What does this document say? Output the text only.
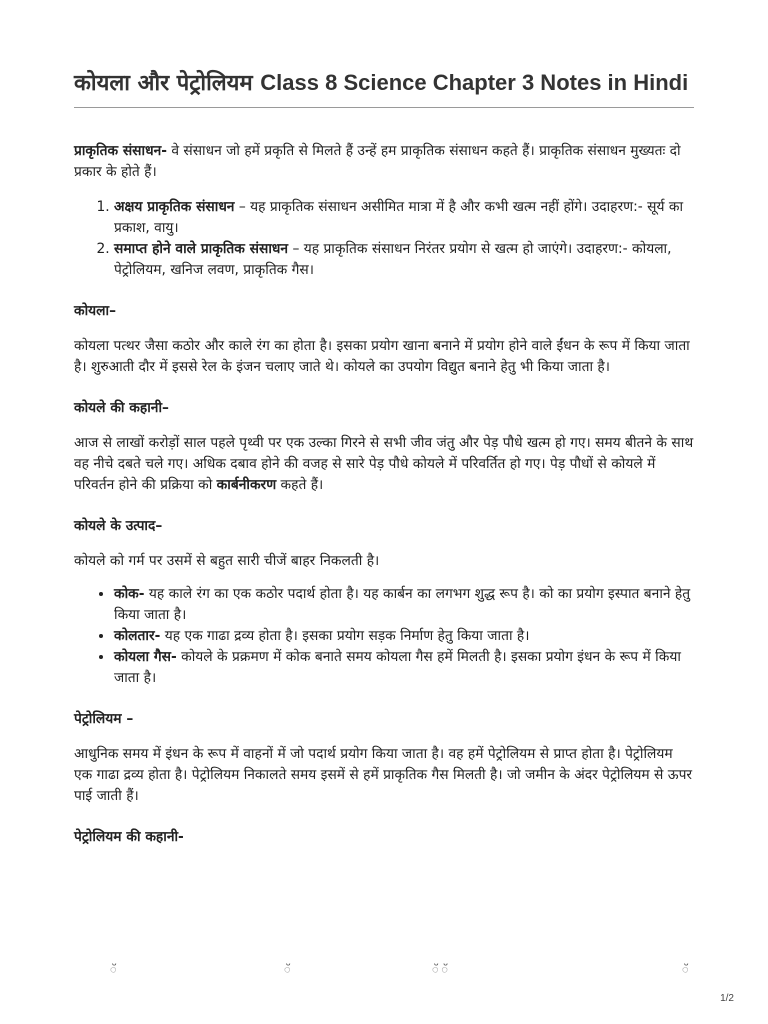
कोयला और पेट्रोलियम Class 8 Science Chapter 3 Notes in Hindi

प्राकृतिक संसाधन- वे संसाधन जो हमें प्रकृति से मिलते हैं उन्हें हम प्राकृतिक संसाधन कहते हैं। प्राकृतिक संसाधन मुख्यतः दो प्रकार के होते हैं।

1. अक्षय प्राकृतिक संसाधन – यह प्राकृतिक संसाधन असीमित मात्रा में है और कभी खत्म नहीं होंगे। उदाहरण:- सूर्य का प्रकाश, वायु।
2. समाप्त होने वाले प्राकृतिक संसाधन – यह प्राकृतिक संसाधन निरंतर प्रयोग से खत्म हो जाएंगे। उदाहरण:- कोयला, पेट्रोलियम, खनिज लवण, प्राकृतिक गैस।

कोयला–

कोयला पत्थर जैसा कठोर और काले रंग का होता है। इसका प्रयोग खाना बनाने में प्रयोग होने वाले ईंधन के रूप में किया जाता है। शुरुआती दौर में इससे रेल के इंजन चलाए जाते थे। कोयले का उपयोग विद्युत बनाने हेतु भी किया जाता है।

कोयले की कहानी–

आज से लाखों करोड़ों साल पहले पृथ्वी पर एक उल्का गिरने से सभी जीव जंतु और पेड़ पौधे खत्म हो गए। समय बीतने के साथ वह नीचे दबते चले गए। अधिक दबाव होने की वजह से सारे पेड़ पौधे कोयले में परिवर्तित हो गए। पेड़ पौधों से कोयले में परिवर्तन होने की प्रक्रिया को कार्बनीकरण कहते हैं।

कोयले के उत्पाद–

कोयले को गर्म पर उसमें से बहुत सारी चीजें बाहर निकलती है।

• कोक- यह काले रंग का एक कठोर पदार्थ होता है। यह कार्बन का लगभग शुद्ध रूप है। को का प्रयोग इस्पात बनाने हेतु किया जाता है।
• कोलतार- यह एक गाढा द्रव्य होता है। इसका प्रयोग सड़क निर्माण हेतु किया जाता है।
• कोयला गैस- कोयले के प्रक्रमण में कोक बनाते समय कोयला गैस हमें मिलती है। इसका प्रयोग इंधन के रूप में किया जाता है।

पेट्रोलियम –

आधुनिक समय में इंधन के रूप में वाहनों में जो पदार्थ प्रयोग किया जाता है। वह हमें पेट्रोलियम से प्राप्त होता है। पेट्रोलियम एक गाढा द्रव्य होता है। पेट्रोलियम निकालते समय इसमें से हमें प्राकृतिक गैस मिलती है। जो जमीन के अंदर पेट्रोलियम से ऊपर पाई जाती हैं।

पेट्रोलियम की कहानी-

ॅ	ॅ	ॅ ॅ	ॅ
1/2
